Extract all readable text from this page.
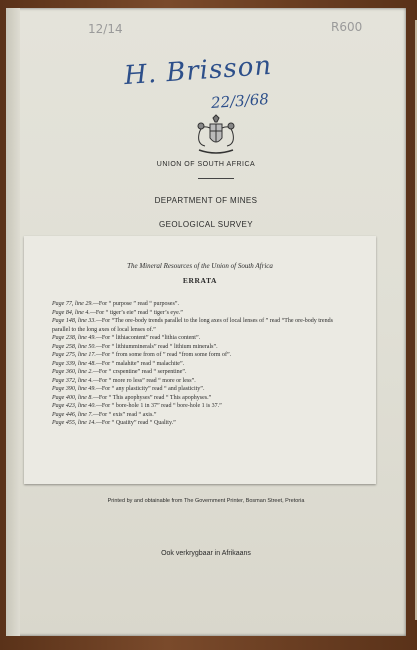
12/14	R600
H. Brisson
22/3/68
UNION OF SOUTH AFRICA
DEPARTMENT OF MINES
GEOLOGICAL SURVEY
The Mineral Resources of the Union of South Africa
ERRATA
Page 77, line 29.—For “ purpose ” read “ purposes”.
Page 84, line 4.—For “ tiger’s eie” read “ tiger’s eye.”
Page 148, line 33.—For “The ore-body trends parallel to the long axes of local lenses of ” read “The ore-body trends parallel to the long axes of local lenses of.”
Page 238, line 49.—For “ lithiacontent” read “lithia content”.
Page 258, line 50.—For “ lithiumminerals” read “ lithium minerals”.
Page 275, line 17.—For “ from some from of ” read “from some form of”.
Page 339, line 48.—For “ malahite” read “ malachite”.
Page 360, line 2.—For “ crspentine” read “ serpentine”.
Page 372, line 4.—For “ more ro less” read “ more or less”.
Page 390, line 49.—For “ any plasticity” read “ and plasticity”.
Page 400, line 8.—For “ This apophyses” read “ This apophyses.”
Page 423, line 40.—For “ bore-hole 1 in 37” read “ bore-hole 1 is 37.”
Page 446, line 7.—For “ exis” read “ axis.”
Page 455, line 14.—For “ Quaiity” read “ Quality.”
Printed by and obtainable from The Government Printer, Bosman Street, Pretoria
Ook verkrygbaar in Afrikaans
